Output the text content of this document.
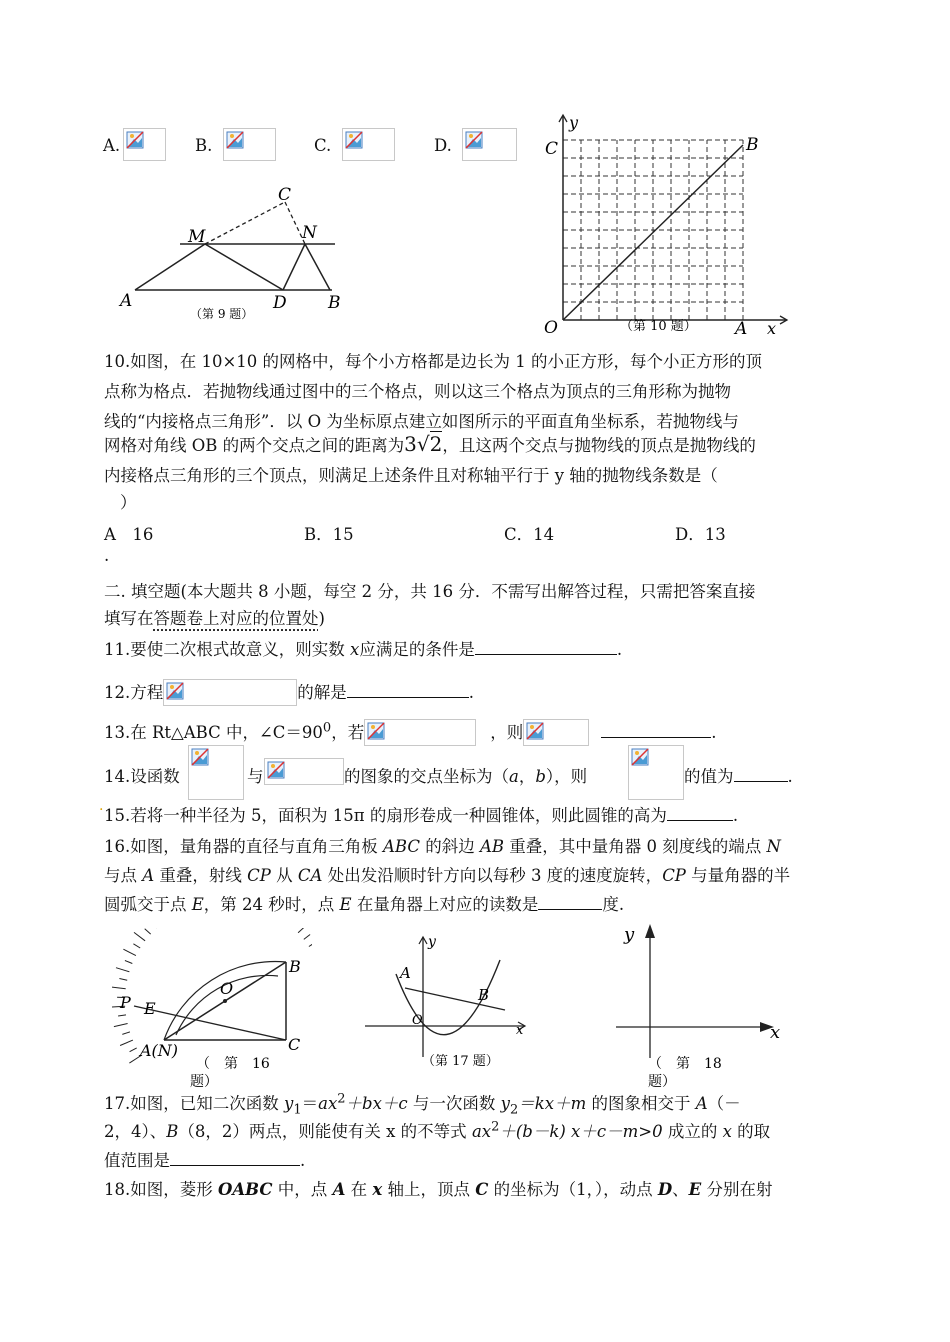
A.	B.	C.	D.
C
M	N
A	D B
（第 9 题）
y
C	B
O	A x
（第 10 题）
10.如图，在 10×10 的网格中，每个小方格都是边长为 1 的小正方形，每个小正方形的顶
点称为格点．若抛物线通过图中的三个格点，则以这三个格点为顶点的三角形称为抛物
线的“内接格点三角形”．以 O 为坐标原点建立如图所示的平面直角坐标系，若抛物线与
网格对角线 OB 的两个交点之间的距离为3√2，且这两个交点与抛物线的顶点是抛物线的
内接格点三角形的三个顶点，则满足上述条件且对称轴平行于 y 轴的抛物线条数是（
）
A　16	B．15	C．14	D．13
.
二. 填空题(本大题共 8 小题，每空 2 分，共 16 分．不需写出解答过程，只需把答案直接
填写在答题卷上对应的位置处)
11.要使二次根式故意义，则实数 x应满足的条件是	.
12.方程	的解是	.
13.在 Rt△ABC 中，$\angle C=90^0$，若	，则	.
14.设函数	与	的图象的交点坐标为（a，b），则	的值为	.
. 15.若将一种半径为 5，面积为 15π 的扇形卷成一种圆锥体，则此圆锥的高为	.
16.如图，量角器的直径与直角三角板 ABC 的斜边 AB 重叠，其中量角器 0 刻度线的端点 N
与点 A 重叠，射线 CP 从 CA 处出发沿顺时针方向以每秒 3 度的速度旋转，CP 与量角器的半
圆弧交于点 E，第 24 秒时，点 E 在量角器上对应的读数是	度.
P E
O
B
A(N)	C
（　第　16
题）
y
A
B
O
x
（第 17 题）
y
x
（　第　18
题）
17.如图，已知二次函数 $y_1=ax^2+bx+c$ 与一次函数 $y_2=kx+m$ 的图象相交于 A（－
2，4）、B（8，2）两点，则能使有关 x 的不等式 $ax^2+(b-k)$ x＋c－m>0 成立的 x 的取
值范围是	.
18.如图，菱形 OABC 中，点 A 在 x 轴上，顶点 C 的坐标为（1，），动点 D、E 分别在射
